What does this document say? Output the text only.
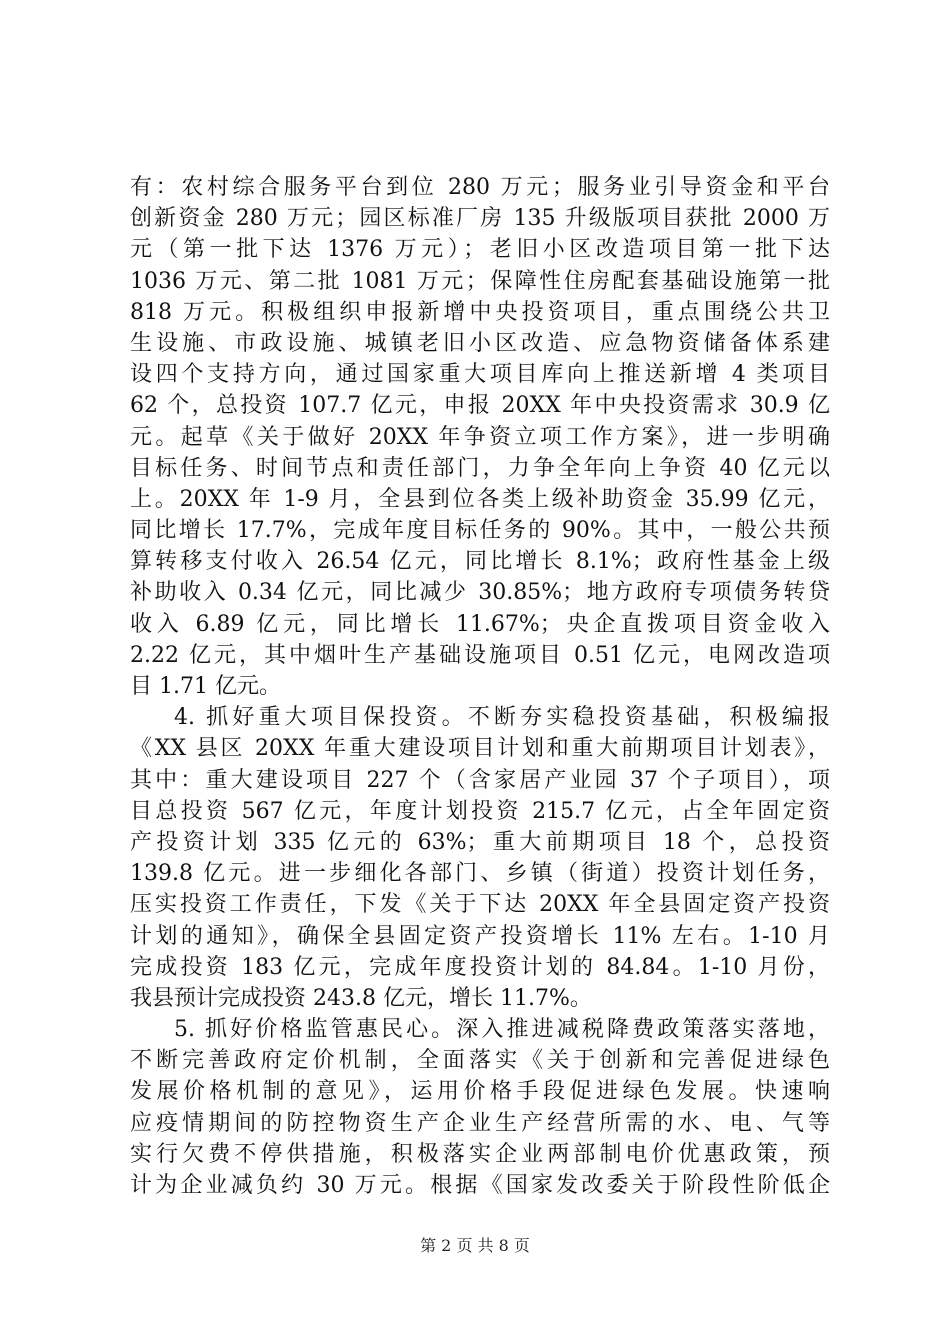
有：农村综合服务平台到位 280 万元；服务业引导资金和平台
创新资金 280 万元；园区标准厂房 135 升级版项目获批 2000 万
元（第一批下达 1376 万元）；老旧小区改造项目第一批下达
1036 万元、第二批 1081 万元；保障性住房配套基础设施第一批
818 万元。积极组织申报新增中央投资项目，重点围绕公共卫
生设施、市政设施、城镇老旧小区改造、应急物资储备体系建
设四个支持方向，通过国家重大项目库向上推送新增 4 类项目
62 个，总投资 107.7 亿元，申报 20XX 年中央投资需求 30.9 亿
元。起草《关于做好 20XX 年争资立项工作方案》，进一步明确
目标任务、时间节点和责任部门，力争全年向上争资 40 亿元以
上。20XX 年 1-9 月，全县到位各类上级补助资金 35.99 亿元，
同比增长 17.7%，完成年度目标任务的 90%。其中，一般公共预
算转移支付收入 26.54 亿元，同比增长 8.1%；政府性基金上级
补助收入 0.34 亿元，同比减少 30.85%；地方政府专项债务转贷
收入 6.89 亿元，同比增长 11.67%；央企直拨项目资金收入
2.22 亿元，其中烟叶生产基础设施项目 0.51 亿元，电网改造项
目 1.71 亿元。
4. 抓好重大项目保投资。不断夯实稳投资基础，积极编报
《XX 县区 20XX 年重大建设项目计划和重大前期项目计划表》，
其中：重大建设项目 227 个（含家居产业园 37 个子项目），项
目总投资 567 亿元，年度计划投资 215.7 亿元，占全年固定资
产投资计划 335 亿元的 63%；重大前期项目 18 个，总投资
139.8 亿元。进一步细化各部门、乡镇（街道）投资计划任务，
压实投资工作责任，下发《关于下达 20XX 年全县固定资产投资
计划的通知》，确保全县固定资产投资增长 11% 左右。1-10 月
完成投资 183 亿元，完成年度投资计划的 84.84。1-10 月份，
我县预计完成投资 243.8 亿元，增长 11.7%。
5. 抓好价格监管惠民心。深入推进减税降费政策落实落地，
不断完善政府定价机制，全面落实《关于创新和完善促进绿色
发展价格机制的意见》，运用价格手段促进绿色发展。快速响
应疫情期间的防控物资生产企业生产经营所需的水、电、气等
实行欠费不停供措施，积极落实企业两部制电价优惠政策，预
计为企业减负约 30 万元。根据《国家发改委关于阶段性阶低企
第 2 页 共 8 页
